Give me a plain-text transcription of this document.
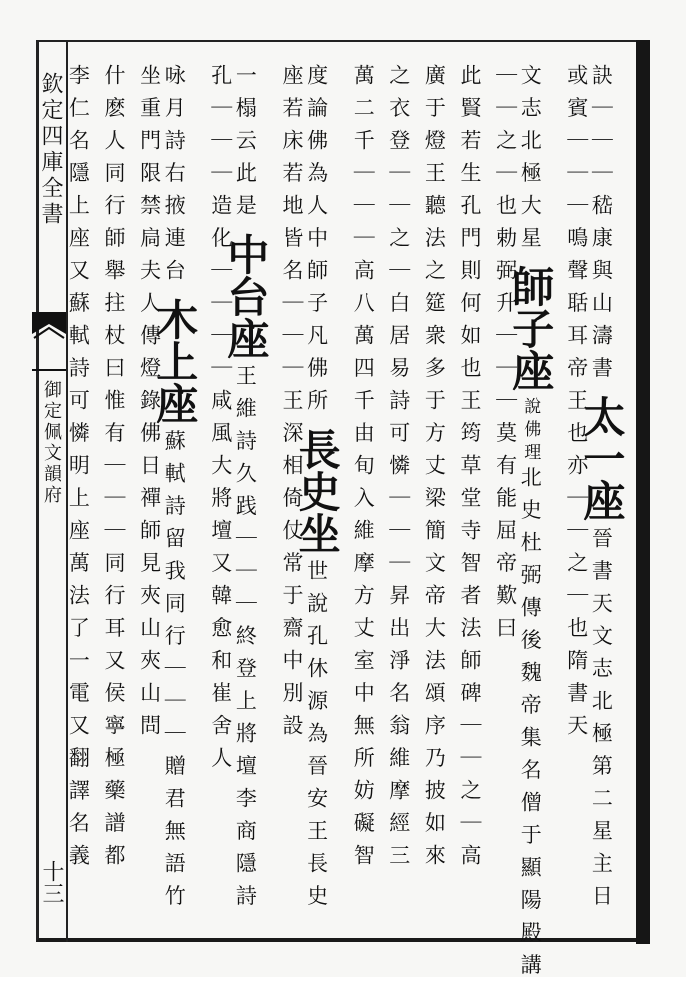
欽定四庫全書
御定佩文韻府
十三
訣｜｜｜嵇康與山濤書太一座晉書天文志北極第二星主日
或賓｜｜｜鳴聲聒耳帝王也亦｜｜之｜也隋書天
文志北極大星師子座說佛理北史杜弼傳後魏帝集名僧于顯陽殿講
｜｜之｜也勅弼升｜｜｜莫有能屈帝歎曰
此賢若生孔門則何如也王筠草堂寺智者法師碑｜｜之｜高
廣于燈王聽法之筵衆多于方丈梁簡文帝大法頌序乃披如來
之衣登｜｜之｜白居易詩可憐｜｜｜昇出淨名翁維摩經三
萬二千｜｜｜高八萬四千由旬入維摩方丈室中無所妨礙智
度論佛為人中師子凡佛所長史坐世說孔休源為晉安王長史
座若床若地皆名｜｜｜王深相倚仗常于齋中別設
一榻云此是中台座王維詩久践｜｜｜終登上將壇李商隱詩
孔｜｜｜造化｜｜｜｜咸風大將壇又韓愈和崔舍人
咏月詩右掖連台木上座蘇軾詩留我同行｜｜｜贈君無語竹
坐重門限禁扃夫人傳燈錄佛日禪師見夾山夾山問
什麽人同行師舉拄杖曰惟有｜｜｜同行耳又侯寧極藥譜都
李仁名隱上座又蘇軾詩可憐明上座萬法了一電又翻譯名義
